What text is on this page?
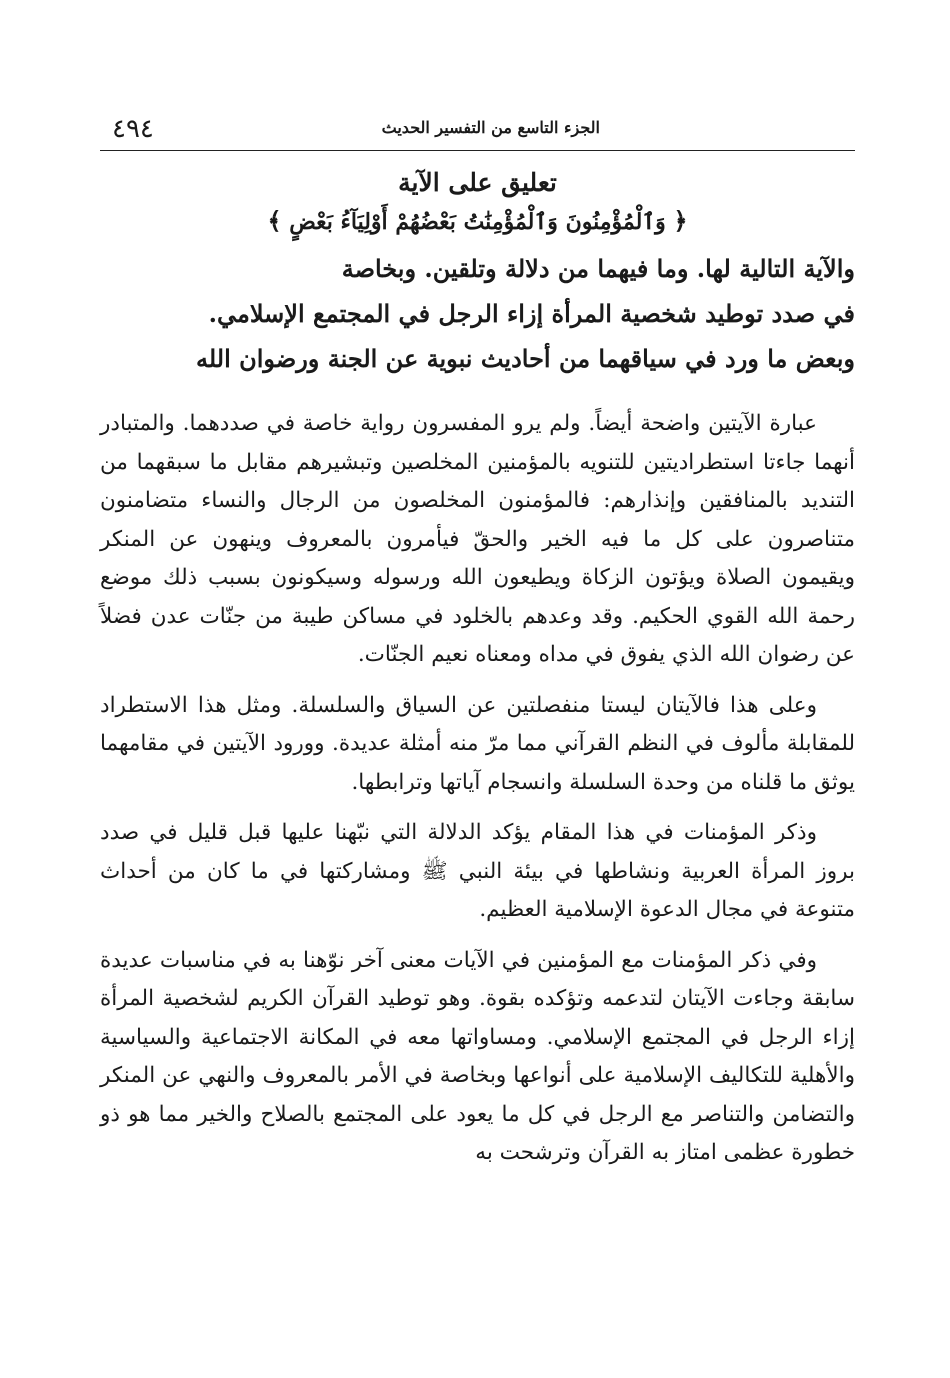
الجزء التاسع من التفسير الحديث
٤٩٤
تعليق على الآية
﴿ وَٱلْمُؤْمِنُونَ وَٱلْمُؤْمِنَٰتُ بَعْضُهُمْ أَوْلِيَآءُ بَعْضٍ ﴾
والآية التالية لها. وما فيهما من دلالة وتلقين. وبخاصة
في صدد توطيد شخصية المرأة إزاء الرجل في المجتمع الإسلامي.
وبعض ما ورد في سياقهما من أحاديث نبوية عن الجنة ورضوان الله

عبارة الآيتين واضحة أيضاً. ولم يرو المفسرون رواية خاصة في صددهما. والمتبادر أنهما جاءتا استطراديتين للتنويه بالمؤمنين المخلصين وتبشيرهم مقابل ما سبقهما من التنديد بالمنافقين وإنذارهم: فالمؤمنون المخلصون من الرجال والنساء متضامنون متناصرون على كل ما فيه الخير والحقّ فيأمرون بالمعروف وينهون عن المنكر ويقيمون الصلاة ويؤتون الزكاة ويطيعون الله ورسوله وسيكونون بسبب ذلك موضع رحمة الله القوي الحكيم. وقد وعدهم بالخلود في مساكن طيبة من جنّات عدن فضلاً عن رضوان الله الذي يفوق في مداه ومعناه نعيم الجنّات.

وعلى هذا فالآيتان ليستا منفصلتين عن السياق والسلسلة. ومثل هذا الاستطراد للمقابلة مألوف في النظم القرآني مما مرّ منه أمثلة عديدة. وورود الآيتين في مقامهما يوثق ما قلناه من وحدة السلسلة وانسجام آياتها وترابطها.

وذكر المؤمنات في هذا المقام يؤكد الدلالة التي نبّهنا عليها قبل قليل في صدد بروز المرأة العربية ونشاطها في بيئة النبي ﷺ ومشاركتها في ما كان من أحداث متنوعة في مجال الدعوة الإسلامية العظيم.

وفي ذكر المؤمنات مع المؤمنين في الآيات معنى آخر نوّهنا به في مناسبات عديدة سابقة وجاءت الآيتان لتدعمه وتؤكده بقوة. وهو توطيد القرآن الكريم لشخصية المرأة إزاء الرجل في المجتمع الإسلامي. ومساواتها معه في المكانة الاجتماعية والسياسية والأهلية للتكاليف الإسلامية على أنواعها وبخاصة في الأمر بالمعروف والنهي عن المنكر والتضامن والتناصر مع الرجل في كل ما يعود على المجتمع بالصلاح والخير مما هو ذو خطورة عظمى امتاز به القرآن وترشحت به
